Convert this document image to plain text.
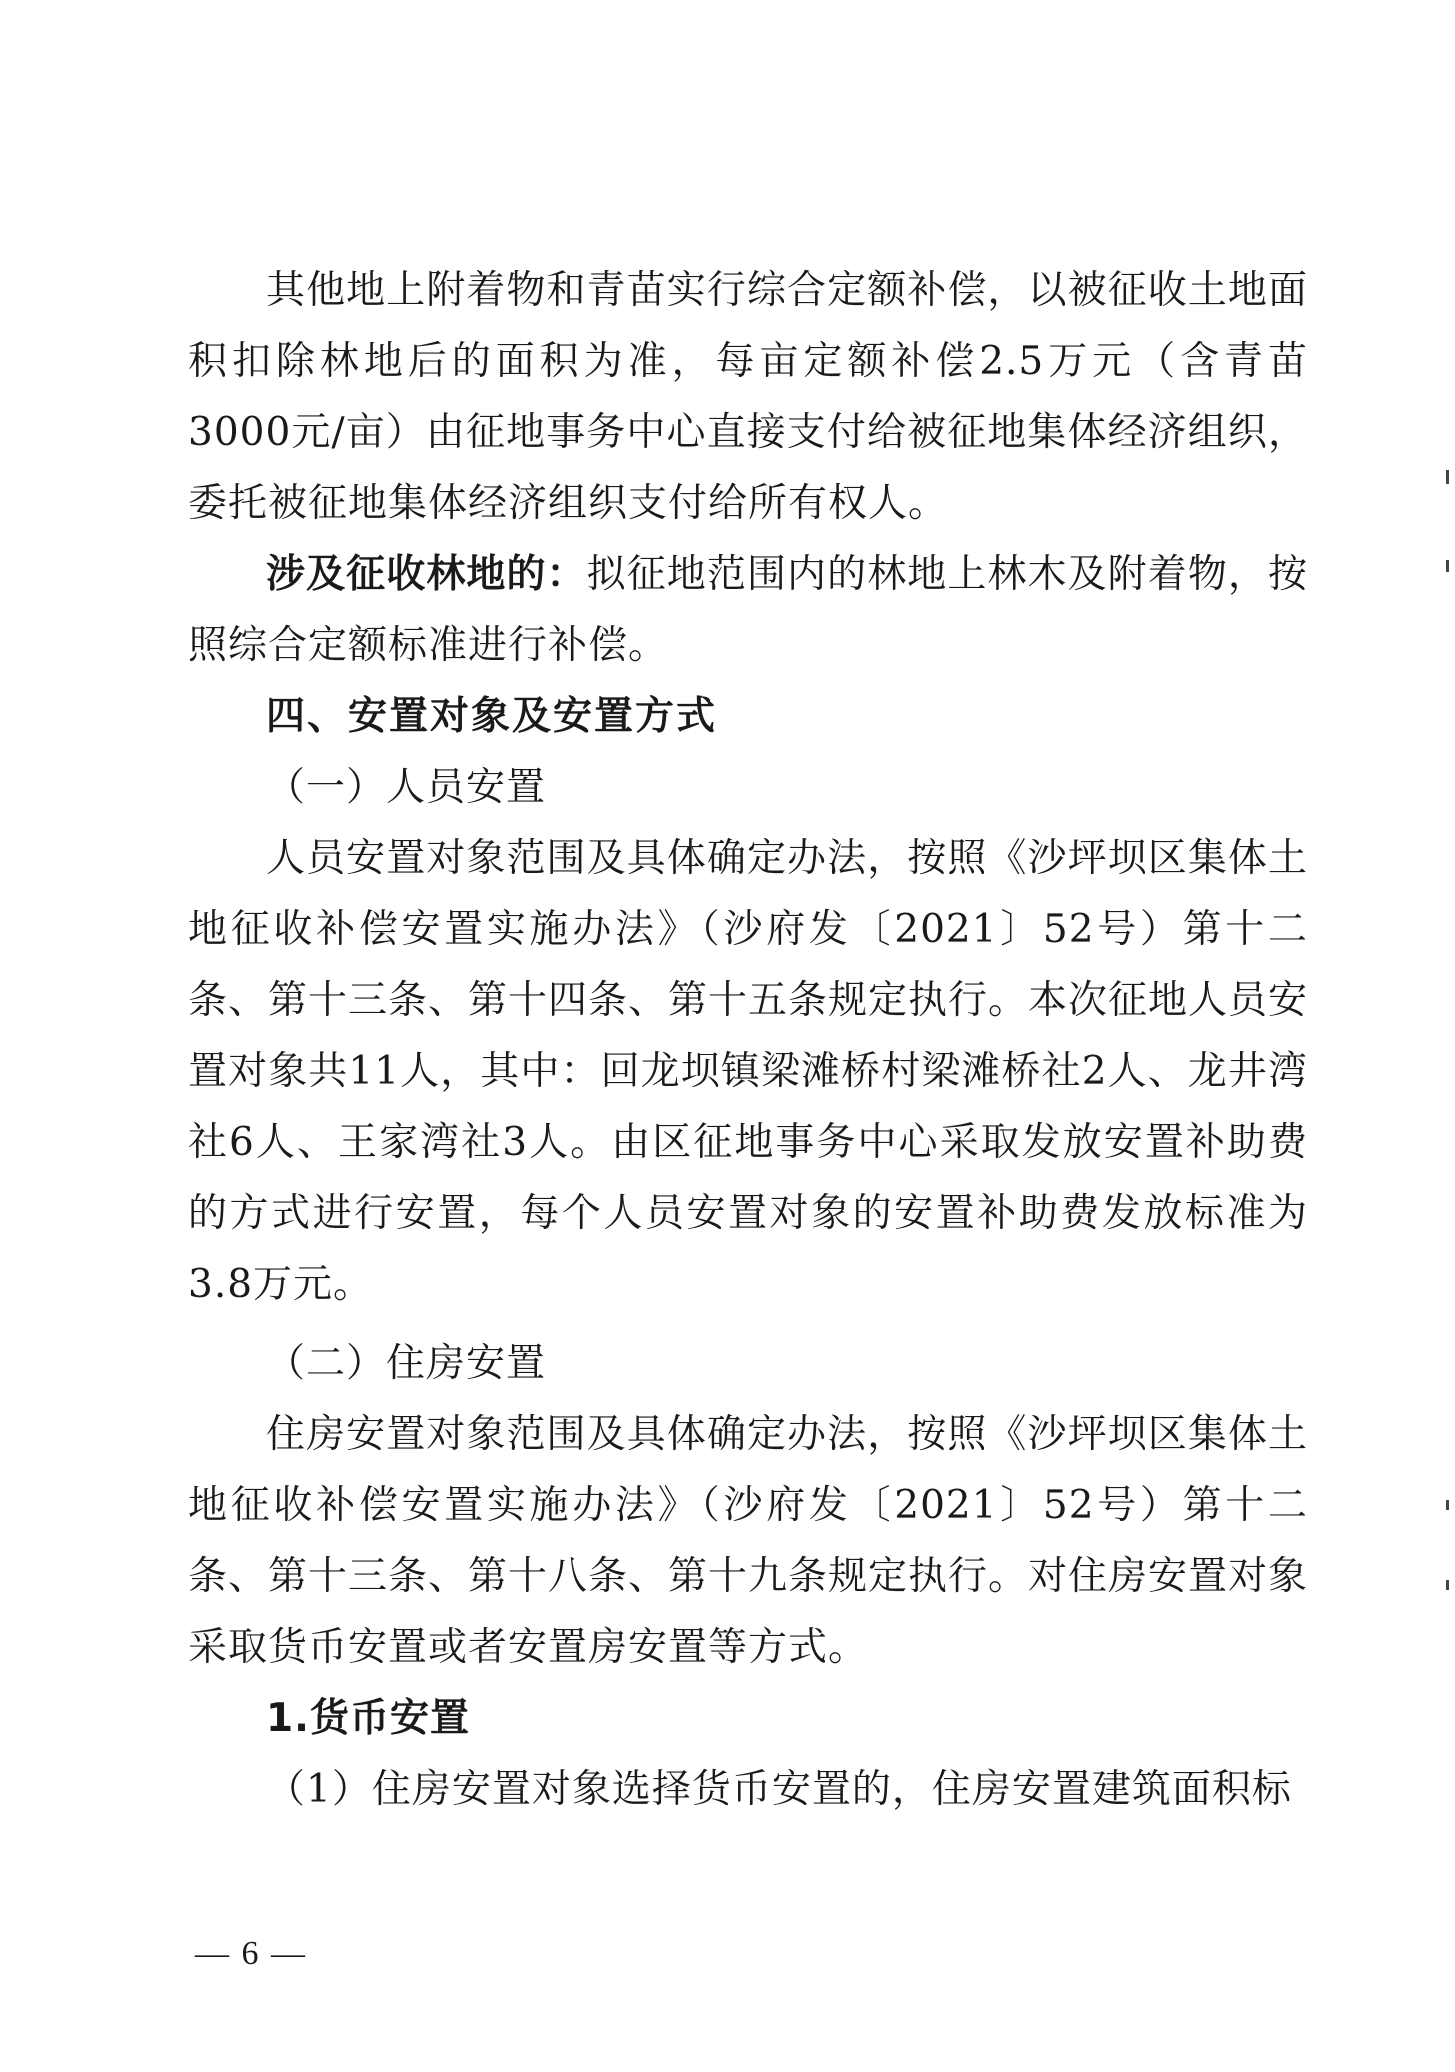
其他地上附着物和青苗实行综合定额补偿，以被征收土地面积扣除林地后的面积为准，每亩定额补偿2.5万元（含青苗3000元/亩）由征地事务中心直接支付给被征地集体经济组织，委托被征地集体经济组织支付给所有权人。

涉及征收林地的：拟征地范围内的林地上林木及附着物，按照综合定额标准进行补偿。

四、安置对象及安置方式

（一）人员安置

人员安置对象范围及具体确定办法，按照《沙坪坝区集体土地征收补偿安置实施办法》（沙府发〔2021〕52号）第十二条、第十三条、第十四条、第十五条规定执行。本次征地人员安置对象共11人，其中：回龙坝镇梁滩桥村梁滩桥社2人、龙井湾社6人、王家湾社3人。由区征地事务中心采取发放安置补助费的方式进行安置，每个人员安置对象的安置补助费发放标准为3.8万元。

（二）住房安置

住房安置对象范围及具体确定办法，按照《沙坪坝区集体土地征收补偿安置实施办法》（沙府发〔2021〕52号）第十二条、第十三条、第十八条、第十九条规定执行。对住房安置对象采取货币安置或者安置房安置等方式。

1.货币安置

（1）住房安置对象选择货币安置的，住房安置建筑面积标

— 6 —
